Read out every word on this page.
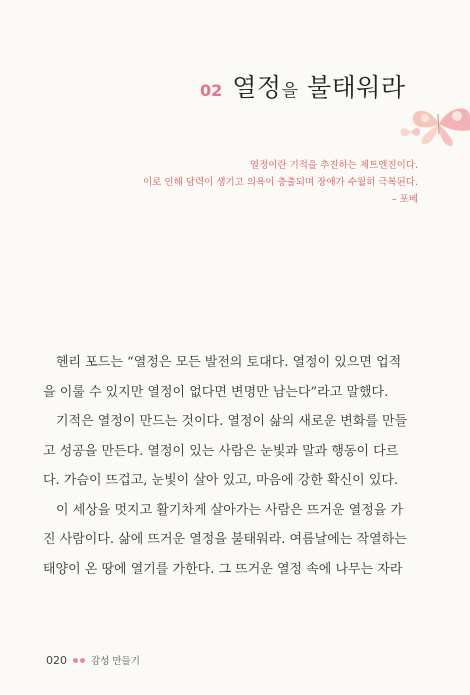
02 열정을 불태워라
열정이란 기적을 추진하는 제트엔진이다.
이로 인해 담력이 생기고 의욕이 충출되며 장애가 수월히 극복된다.
– 포베

헨리 포드는 “열정은 모든 발전의 토대다. 열정이 있으면 업적

을 이룰 수 있지만 열정이 없다면 변명만 남는다”라고 말했다.

기적은 열정이 만드는 것이다. 열정이 삶의 새로운 변화를 만들

고 성공을 만든다. 열정이 있는 사람은 눈빛과 말과 행동이 다르

다. 가슴이 뜨겁고, 눈빛이 살아 있고, 마음에 강한 확신이 있다.

이 세상을 멋지고 활기차게 살아가는 사람은 뜨거운 열정을 가

진 사람이다. 삶에 뜨거운 열정을 불태워라. 여름날에는 작열하는

태양이 온 땅에 열기를 가한다. 그 뜨거운 열정 속에 나무는 자라

020	감성 만들기
